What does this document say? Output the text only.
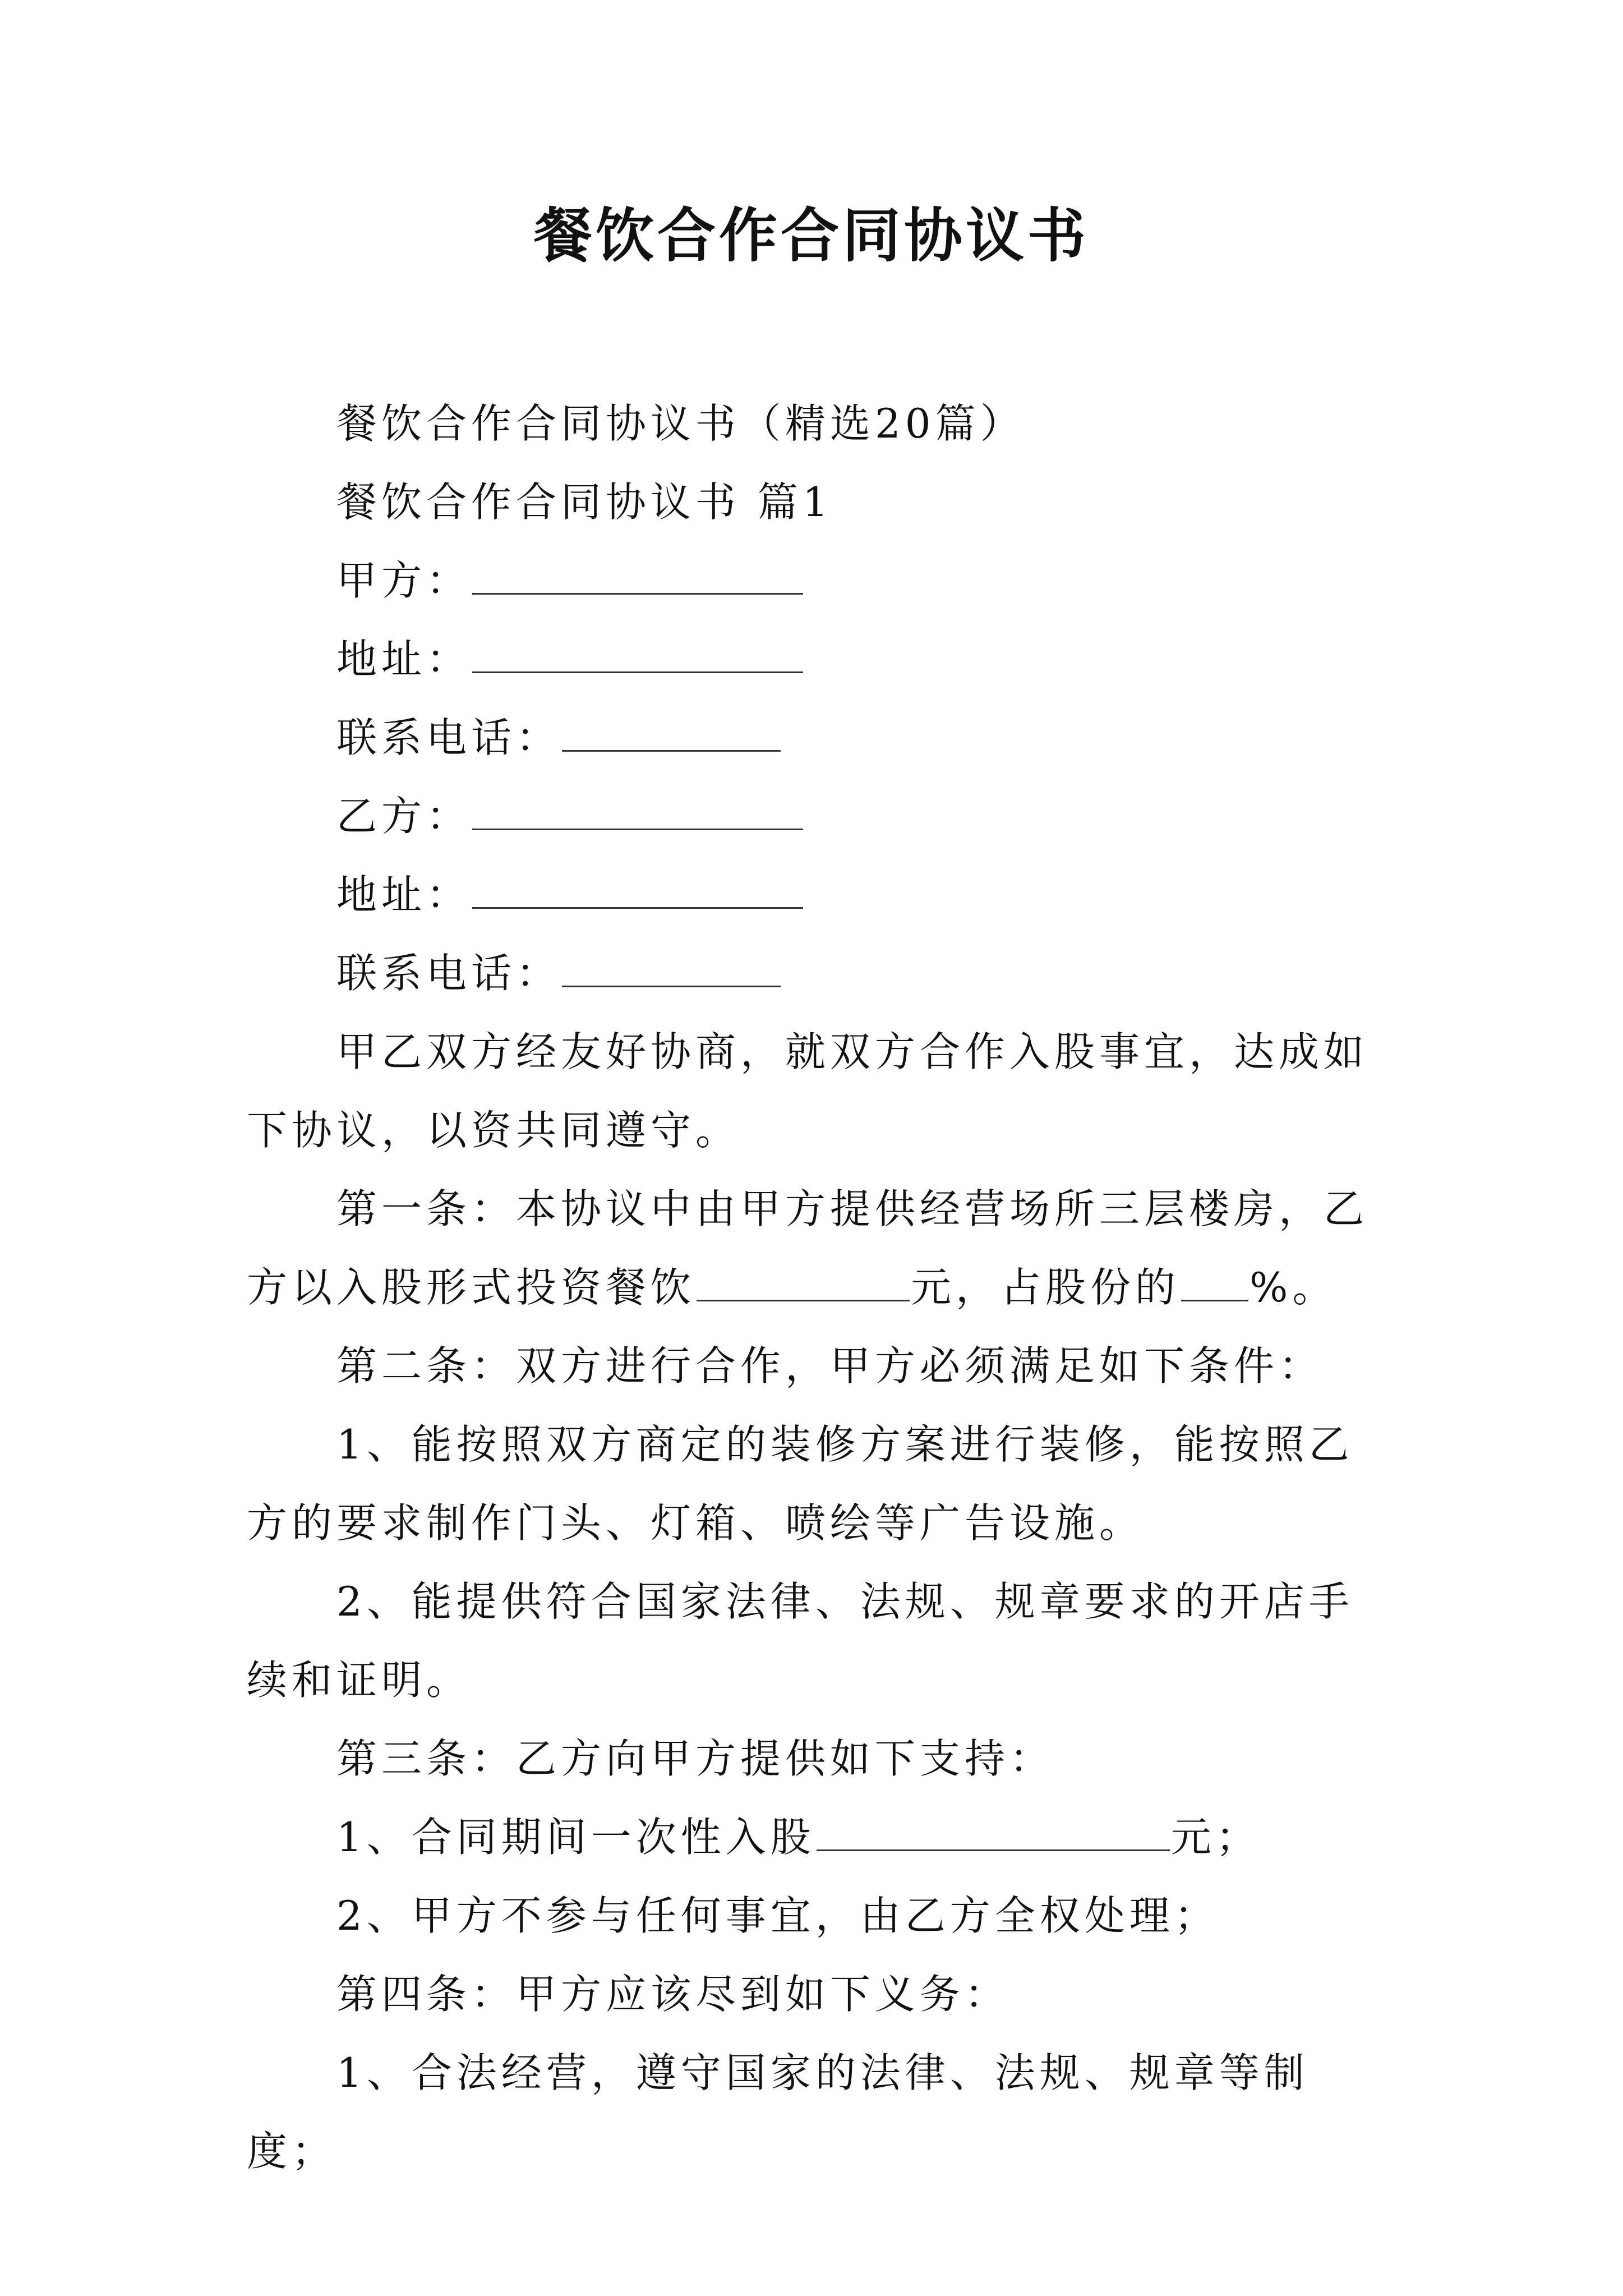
餐饮合作合同协议书
餐饮合作合同协议书（精选20篇）
餐饮合作合同协议书 篇1
甲方：
地址：
联系电话：
乙方：
地址：
联系电话：
甲乙双方经友好协商，就双方合作入股事宜，达成如下协议，以资共同遵守。
第一条：本协议中由甲方提供经营场所三层楼房，乙方以入股形式投资餐饮	元，占股份的 %。
第二条：双方进行合作，甲方必须满足如下条件：
1、能按照双方商定的装修方案进行装修，能按照乙方的要求制作门头、灯箱、喷绘等广告设施。
2、能提供符合国家法律、法规、规章要求的开店手续和证明。
第三条：乙方向甲方提供如下支持：
1、合同期间一次性入股	元；
2、甲方不参与任何事宜，由乙方全权处理；
第四条：甲方应该尽到如下义务：
1、合法经营，遵守国家的法律、法规、规章等制度；
